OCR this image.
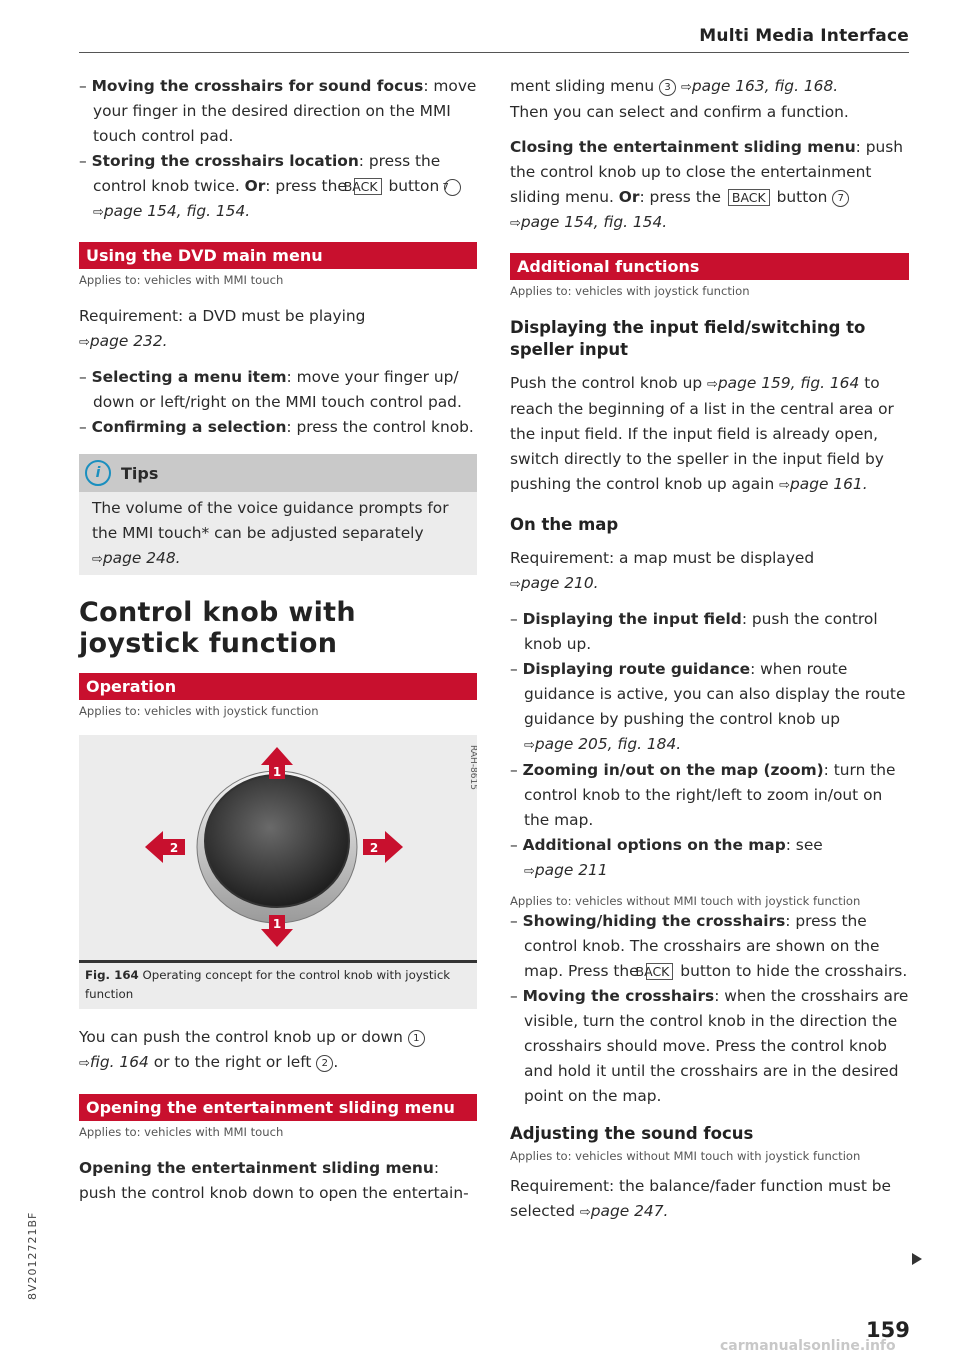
Multi Media Interface

– Moving the crosshairs for sound focus: move your finger in the desired direction on the MMI touch control pad.

– Storing the crosshairs location: press the control knob twice. Or: press the BACK button 7
⇨page 154, fig. 154.

Using the DVD main menu
Applies to: vehicles with MMI touch

Requirement: a DVD must be playing
⇨page 232.

– Selecting a menu item: move your finger up/ down or left/right on the MMI touch control pad.

– Confirming a selection: press the control knob.

i	Tips

The volume of the voice guidance prompts for the MMI touch* can be adjusted separately
⇨page 248.

Control knob with
joystick function
Operation
Applies to: vehicles with joystick function
1
1
2	2
RAH-8615
Fig. 164 Operating concept for the control knob with joystick function

You can push the control knob up or down 1
⇨fig. 164 or to the right or left 2 .

Opening the entertainment sliding menu
Applies to: vehicles with MMI touch

Opening the entertainment sliding menu: push the control knob down to open the entertain-

ment sliding menu 3 ⇨page 163, fig. 168.
Then you can select and confirm a function.

Closing the entertainment sliding menu: push the control knob up to close the entertainment sliding menu. Or: press the BACK button 7
⇨page 154, fig. 154.

Additional functions
Applies to: vehicles with joystick function
Displaying the input field/switching to speller input

Push the control knob up ⇨page 159, fig. 164 to reach the beginning of a list in the central area or the input field. If the input field is already open, switch directly to the speller in the input field by pushing the control knob up again ⇨page 161.

On the map

Requirement: a map must be displayed
⇨page 210.

– Displaying the input field: push the control knob up.

– Displaying route guidance: when route guidance is active, you can also display the route guidance by pushing the control knob up
⇨page 205, fig. 184.

– Zooming in/out on the map (zoom): turn the control knob to the right/left to zoom in/out on the map.

– Additional options on the map: see
⇨page 211

Applies to: vehicles without MMI touch with joystick function

– Showing/hiding the crosshairs: press the control knob. The crosshairs are shown on the map. Press the BACK button to hide the crosshairs.

– Moving the crosshairs: when the crosshairs are visible, turn the control knob in the direction the crosshairs should move. Press the control knob and hold it until the crosshairs are in the desired point on the map.

Adjusting the sound focus
Applies to: vehicles without MMI touch with joystick function

Requirement: the balance/fader function must be selected ⇨page 247.

159
8V2012721BF
carmanualsonline.info
